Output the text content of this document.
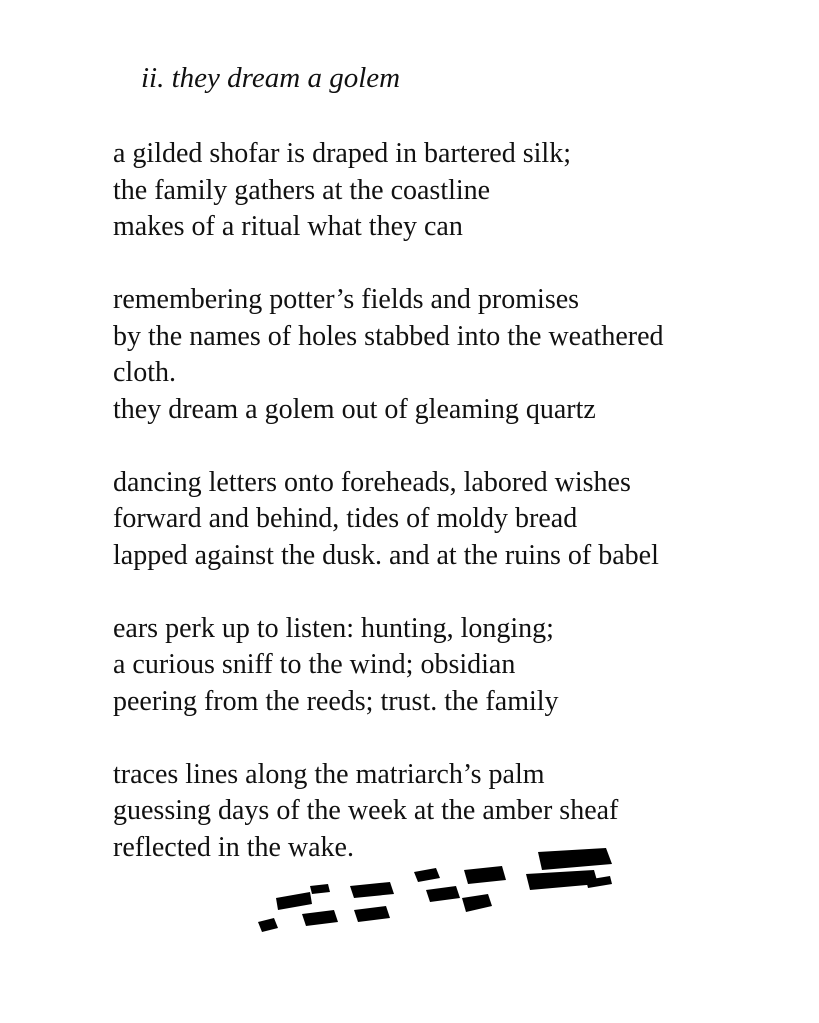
ii. they dream a golem
a gilded shofar is draped in bartered silk;
the family gathers at the coastline
makes of a ritual what they can
remembering potter’s fields and promises
by the names of holes stabbed into the weathered
cloth.
they dream a golem out of gleaming quartz
dancing letters onto foreheads, labored wishes
forward and behind, tides of moldy bread
lapped against the dusk. and at the ruins of babel
ears perk up to listen: hunting, longing;
a curious sniff to the wind; obsidian
peering from the reeds; trust. the family
traces lines along the matriarch’s palm
guessing days of the week at the amber sheaf
reflected in the wake.
